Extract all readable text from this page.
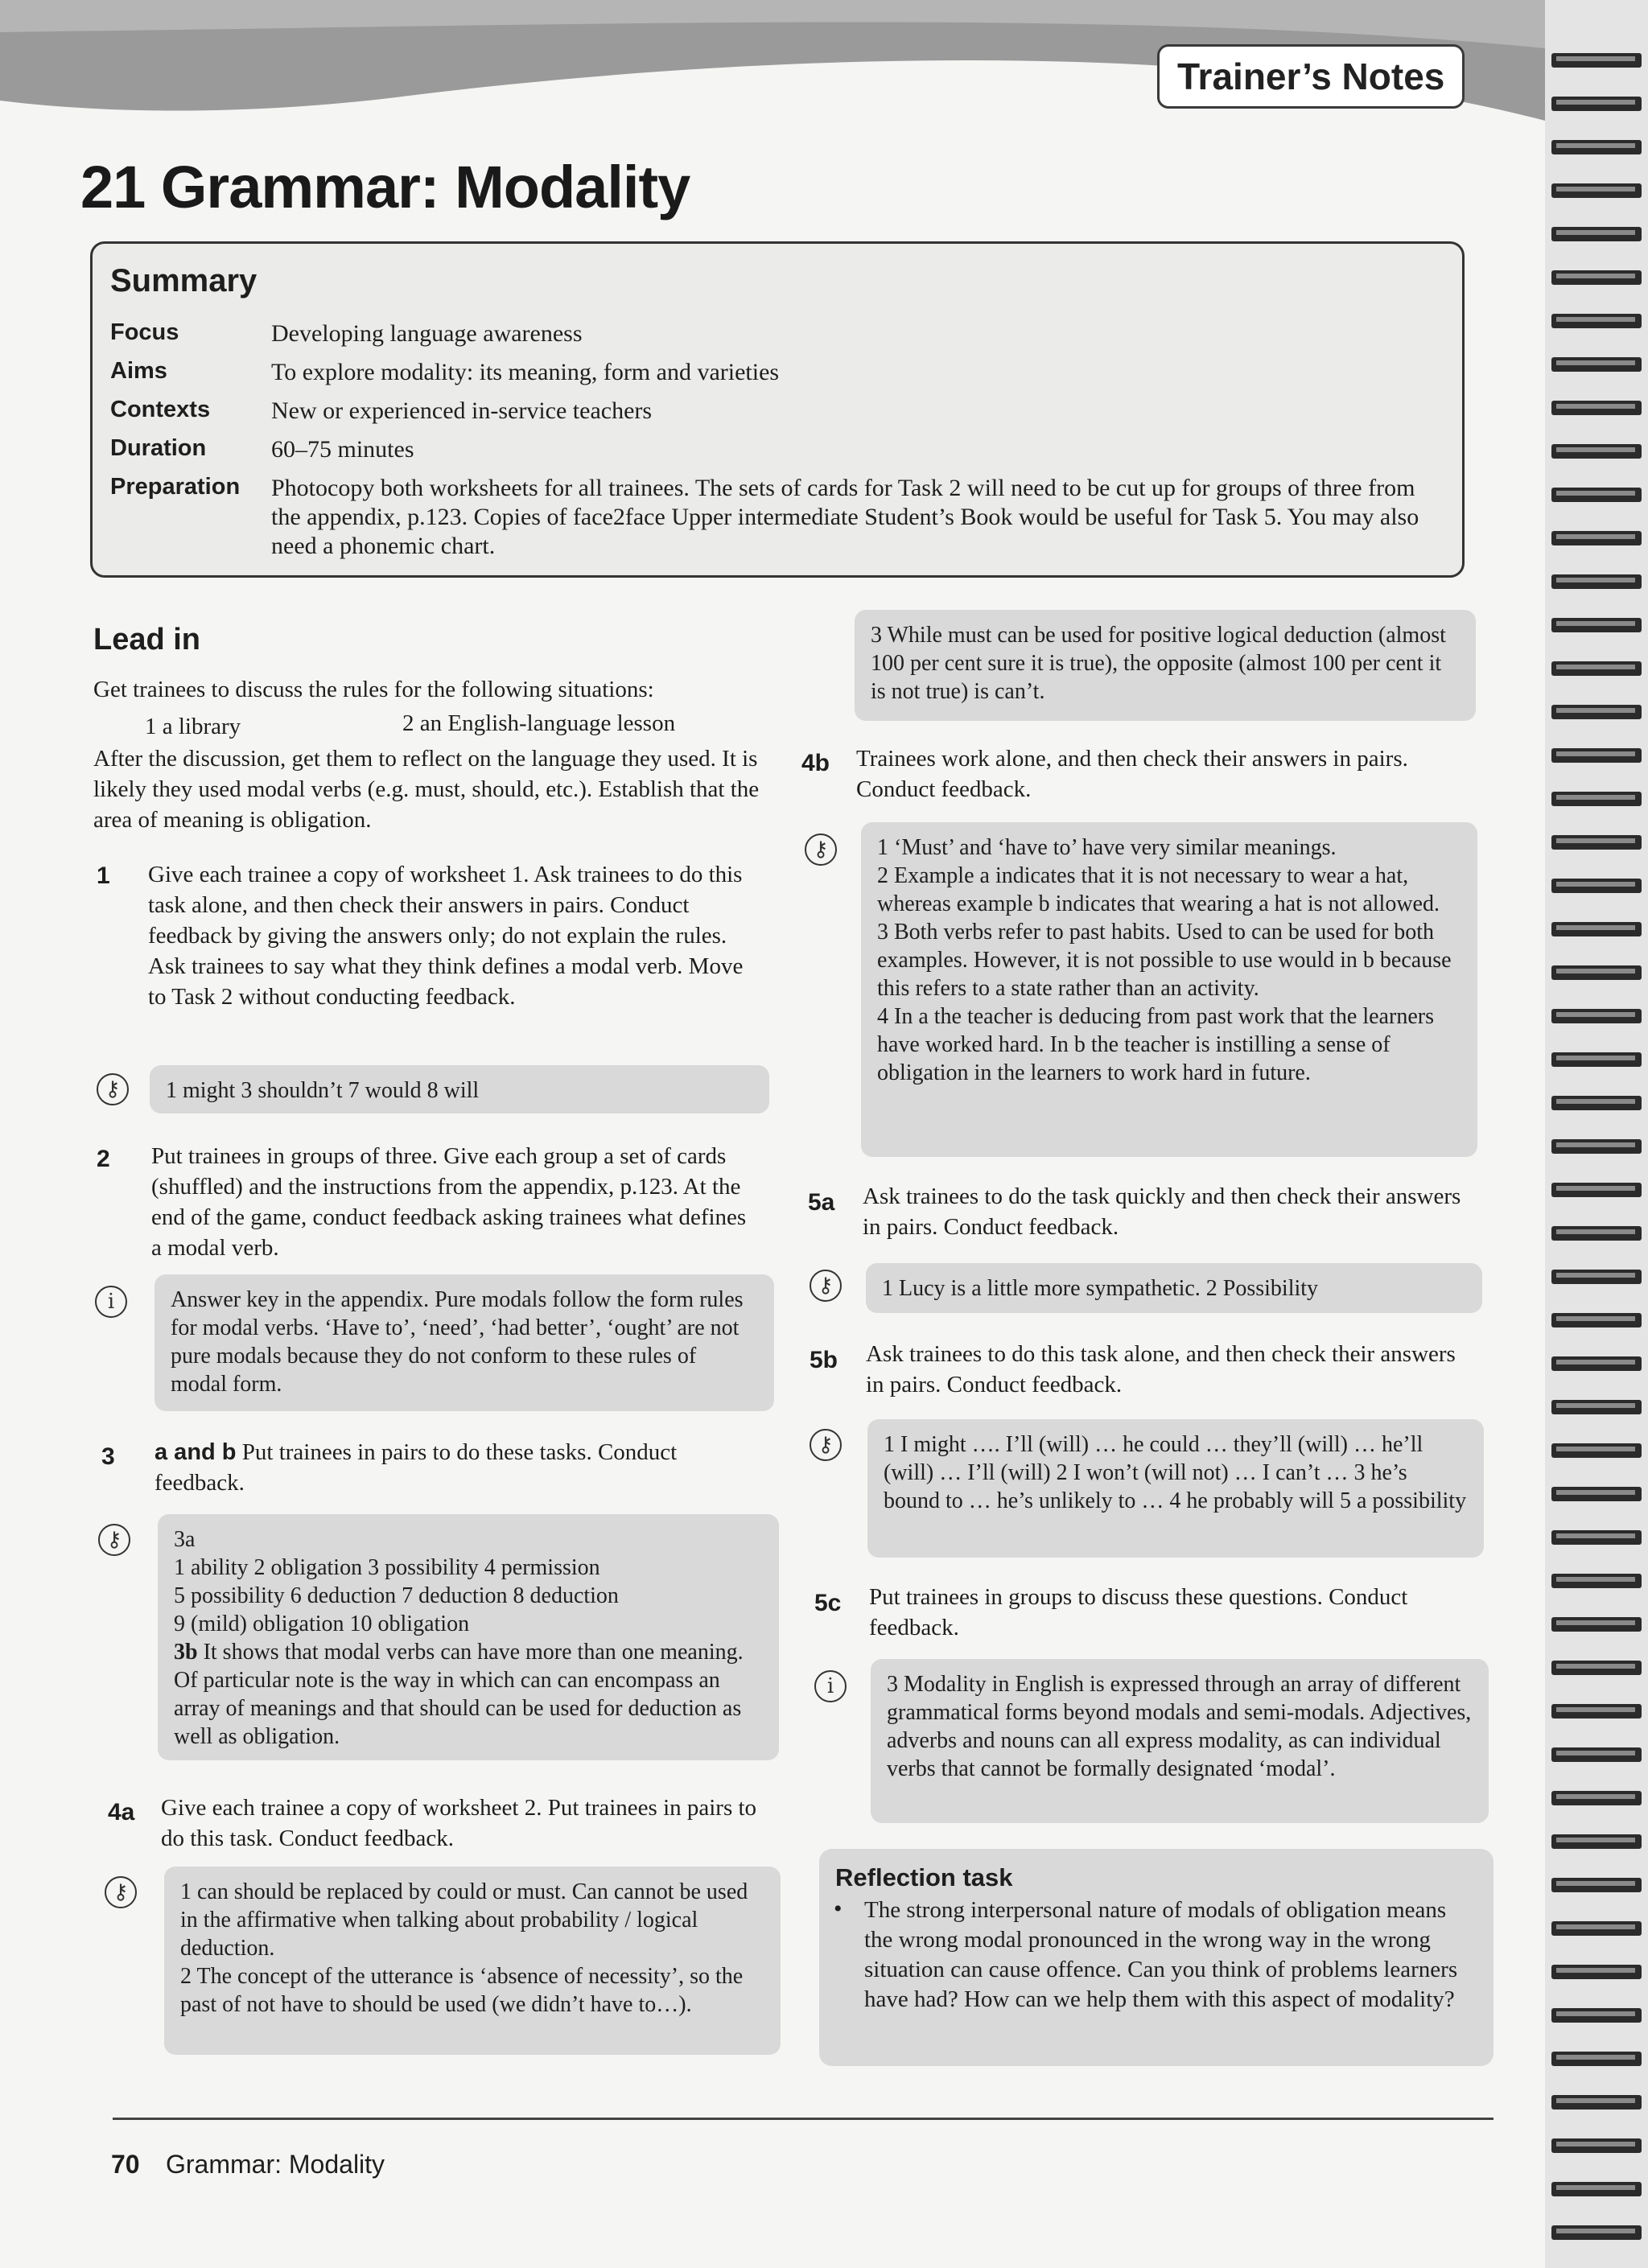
Trainer’s Notes
21 Grammar: Modality
Summary
Focus	Developing language awareness
Aims	To explore modality: its meaning, form and varieties
Contexts	New or experienced in-service teachers
Duration	60–75 minutes
Preparation Photocopy both worksheets for all trainees. The sets of cards for Task 2 will need to be cut up for groups of three from the appendix, p.123. Copies of face2face Upper intermediate Student’s Book would be useful for Task 5. You may also need a phonemic chart.
Lead in
Get trainees to discuss the rules for the following situations:
1 a library	2 an English-language lesson
After the discussion, get them to reflect on the language they used. It is likely they used modal verbs (e.g. must, should, etc.). Establish that the area of meaning is obligation.
1 Give each trainee a copy of worksheet 1. Ask trainees to do this task alone, and then check their answers in pairs. Conduct feedback by giving the answers only; do not explain the rules. Ask trainees to say what they think defines a modal verb. Move to Task 2 without conducting feedback.
⚷	1 might 3 shouldn’t 7 would 8 will
2 Put trainees in groups of three. Give each group a set of cards (shuffled) and the instructions from the appendix, p.123. At the end of the game, conduct feedback asking trainees what defines a modal verb.
i	Answer key in the appendix. Pure modals follow the form rules for modal verbs. ‘Have to’, ‘need’, ‘had better’, ‘ought’ are not pure modals because they do not conform to these rules of modal form.
3 a and b Put trainees in pairs to do these tasks. Conduct feedback.
⚷	3a
1 ability 2 obligation 3 possibility 4 permission
5 possibility 6 deduction 7 deduction 8 deduction
9 (mild) obligation 10 obligation
3b It shows that modal verbs can have more than one meaning. Of particular note is the way in which can can encompass an array of meanings and that should can be used for deduction as well as obligation.
4a Give each trainee a copy of worksheet 2. Put trainees in pairs to do this task. Conduct feedback.
⚷	1 can should be replaced by could or must. Can cannot be used in the affirmative when talking about probability / logical deduction.
2 The concept of the utterance is ‘absence of necessity’, so the past of not have to should be used (we didn’t have to…).
3 While must can be used for positive logical deduction (almost 100 per cent sure it is true), the opposite (almost 100 per cent it is not true) is can’t.
4b Trainees work alone, and then check their answers in pairs. Conduct feedback.
⚷	1 ‘Must’ and ‘have to’ have very similar meanings.
2 Example a indicates that it is not necessary to wear a hat, whereas example b indicates that wearing a hat is not allowed.
3 Both verbs refer to past habits. Used to can be used for both examples. However, it is not possible to use would in b because this refers to a state rather than an activity.
4 In a the teacher is deducing from past work that the learners have worked hard. In b the teacher is instilling a sense of obligation in the learners to work hard in future.
5a Ask trainees to do the task quickly and then check their answers in pairs. Conduct feedback.
⚷	1 Lucy is a little more sympathetic. 2 Possibility
5b Ask trainees to do this task alone, and then check their answers in pairs. Conduct feedback.
⚷	1 I might …. I’ll (will) … he could … they’ll (will) … he’ll (will) … I’ll (will) 2 I won’t (will not) … I can’t … 3 he’s bound to … he’s unlikely to … 4 he probably will 5 a possibility
5c Put trainees in groups to discuss these questions. Conduct feedback.
i	3 Modality in English is expressed through an array of different grammatical forms beyond modals and semi-modals. Adjectives, adverbs and nouns can all express modality, as can individual verbs that cannot be formally designated ‘modal’.
Reflection task
• The strong interpersonal nature of modals of obligation means the wrong modal pronounced in the wrong way in the wrong situation can cause offence. Can you think of problems learners have had? How can we help them with this aspect of modality?
70 Grammar: Modality
